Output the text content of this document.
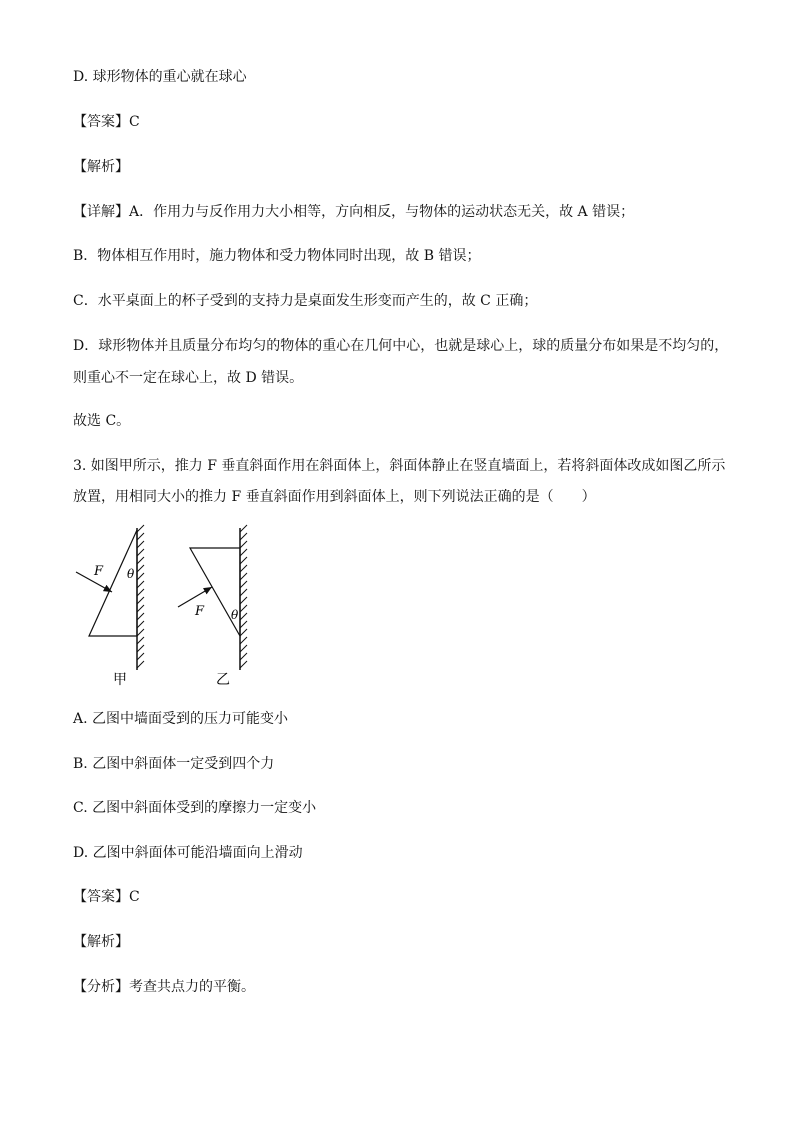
D. 球形物体的重心就在球心
【答案】C
【解析】
【详解】A．作用力与反作用力大小相等，方向相反，与物体的运动状态无关，故 A 错误；
B．物体相互作用时，施力物体和受力物体同时出现，故 B 错误；
C．水平桌面上的杯子受到的支持力是桌面发生形变而产生的，故 C 正确；
D．球形物体并且质量分布均匀的物体的重心在几何中心，也就是球心上，球的质量分布如果是不均匀的，
则重心不一定在球心上，故 D 错误。
故选 C。
3. 如图甲所示，推力 F 垂直斜面作用在斜面体上，斜面体静止在竖直墙面上，若将斜面体改成如图乙所示
放置，用相同大小的推力 F 垂直斜面作用到斜面体上，则下列说法正确的是（　　）
F θ
F θ
甲	乙
A. 乙图中墙面受到的压力可能变小
B. 乙图中斜面体一定受到四个力
C. 乙图中斜面体受到的摩擦力一定变小
D. 乙图中斜面体可能沿墙面向上滑动
【答案】C
【解析】
【分析】考查共点力的平衡。
